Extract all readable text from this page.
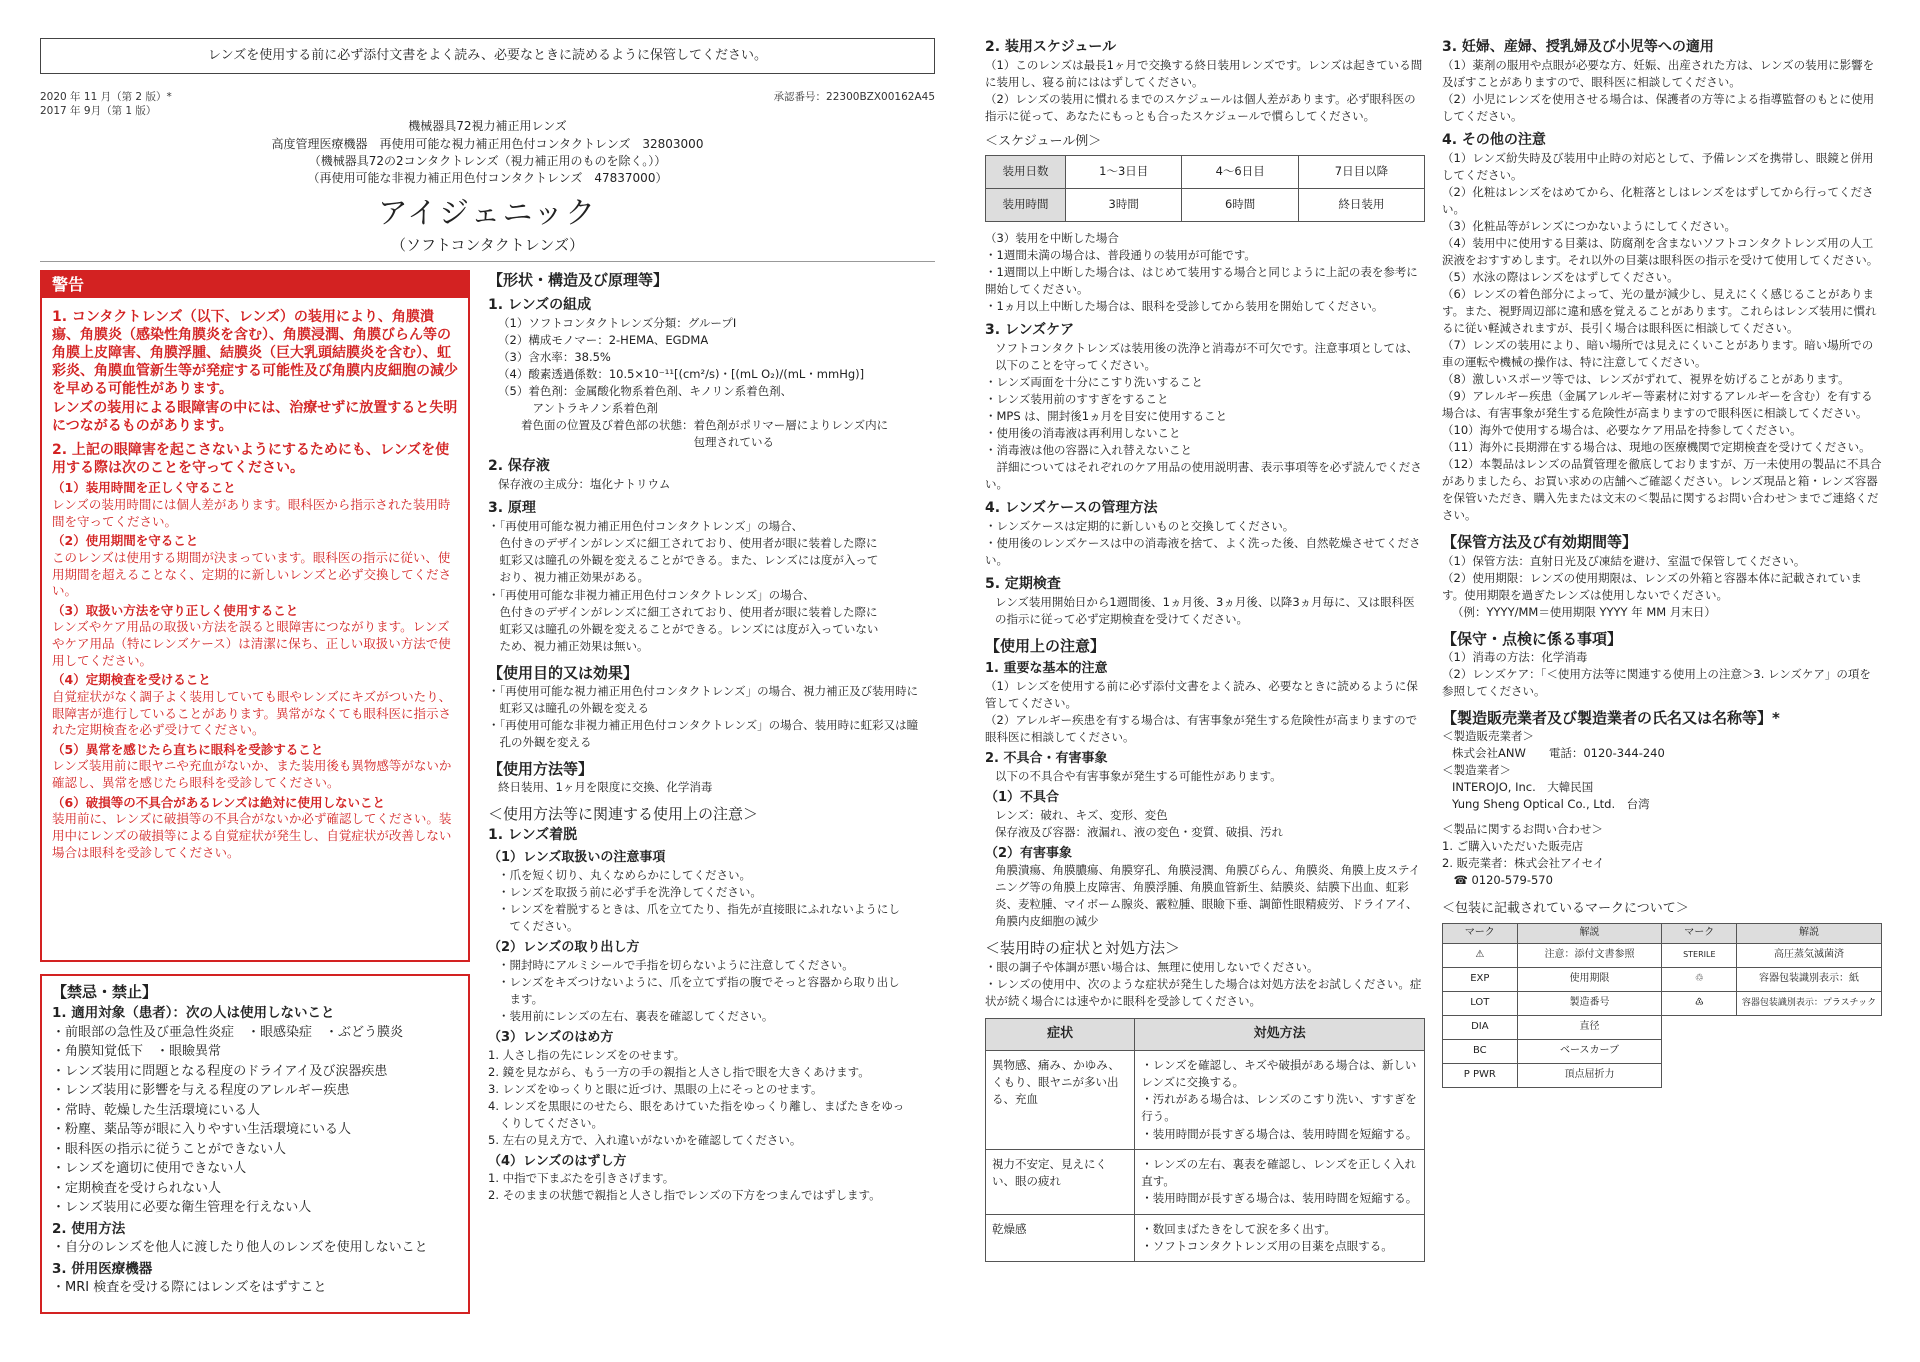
レンズを使用する前に必ず添付文書をよく読み、必要なときに読めるように保管してください。
2020 年 11 月（第 2 版）*
2017 年 9月（第 1 版）
承認番号：22300BZX00162A45
機械器具72視力補正用レンズ
高度管理医療機器　再使用可能な視力補正用色付コンタクトレンズ　32803000
（機械器具72の2コンタクトレンズ（視力補正用のものを除く。））
（再使用可能な非視力補正用色付コンタクトレンズ　47837000）
アイジェニック
（ソフトコンタクトレンズ）
警告
1. コンタクトレンズ（以下、レンズ）の装用により、角膜潰瘍、角膜炎（感染性角膜炎を含む）、角膜浸潤、角膜びらん等の角膜上皮障害、角膜浮腫、結膜炎（巨大乳頭結膜炎を含む）、虹彩炎、角膜血管新生等が発症する可能性及び角膜内皮細胞の減少を早める可能性があります。
レンズの装用による眼障害の中には、治療せずに放置すると失明につながるものがあります。
2. 上記の眼障害を起こさないようにするためにも、レンズを使用する際は次のことを守ってください。
（1）装用時間を正しく守ること
レンズの装用時間には個人差があります。眼科医から指示された装用時間を守ってください。
（2）使用期間を守ること
このレンズは使用する期間が決まっています。眼科医の指示に従い、使用期間を超えることなく、定期的に新しいレンズと必ず交換してください。
（3）取扱い方法を守り正しく使用すること
レンズやケア用品の取扱い方法を誤ると眼障害につながります。レンズやケア用品（特にレンズケース）は清潔に保ち、正しい取扱い方法で使用してください。
（4）定期検査を受けること
自覚症状がなく調子よく装用していても眼やレンズにキズがついたり、眼障害が進行していることがあります。異常がなくても眼科医に指示された定期検査を必ず受けてください。
（5）異常を感じたら直ちに眼科を受診すること
レンズ装用前に眼ヤニや充血がないか、また装用後も異物感等がないか確認し、異常を感じたら眼科を受診してください。
（6）破損等の不具合があるレンズは絶対に使用しないこと
装用前に、レンズに破損等の不具合がないか必ず確認してください。装用中にレンズの破損等による自覚症状が発生し、自覚症状が改善しない場合は眼科を受診してください。
【禁忌・禁止】
1. 適用対象（患者）：次の人は使用しないこと
・前眼部の急性及び亜急性炎症　・眼感染症　・ぶどう膜炎
・角膜知覚低下　・眼瞼異常
・レンズ装用に問題となる程度のドライアイ及び涙器疾患
・レンズ装用に影響を与える程度のアレルギー疾患
・常時、乾燥した生活環境にいる人
・粉塵、薬品等が眼に入りやすい生活環境にいる人
・眼科医の指示に従うことができない人
・レンズを適切に使用できない人
・定期検査を受けられない人
・レンズ装用に必要な衛生管理を行えない人
2. 使用方法
・自分のレンズを他人に渡したり他人のレンズを使用しないこと
3. 併用医療機器
・MRI 検査を受ける際にはレンズをはずすこと
【形状・構造及び原理等】
1. レンズの組成
（1）ソフトコンタクトレンズ分類：グループⅠ
（2）構成モノマー：2-HEMA、EGDMA
（3）含水率：38.5%
（4）酸素透過係数：10.5×10⁻¹¹[(cm²/s)・[(mL O₂)/(mL・mmHg)]
（5）着色剤：金属酸化物系着色剤、キノリン系着色剤、
　　　アントラキノン系着色剤
　　着色面の位置及び着色部の状態：着色剤がポリマー層によりレンズ内に
　　　　　　　　　　　　　　　　　包理されている
2. 保存液
保存液の主成分：塩化ナトリウム
3. 原理
・「再使用可能な視力補正用色付コンタクトレンズ」の場合、
　色付きのデザインがレンズに細工されており、使用者が眼に装着した際に
　虹彩又は瞳孔の外観を変えることができる。また、レンズには度が入って
　おり、視力補正効果がある。
・「再使用可能な非視力補正用色付コンタクトレンズ」の場合、
　色付きのデザインがレンズに細工されており、使用者が眼に装着した際に
　虹彩又は瞳孔の外観を変えることができる。レンズには度が入っていない
　ため、視力補正効果は無い。
【使用目的又は効果】
・「再使用可能な視力補正用色付コンタクトレンズ」の場合、視力補正及び装用時に
　虹彩又は瞳孔の外観を変える
・「再使用可能な非視力補正用色付コンタクトレンズ」の場合、装用時に虹彩又は瞳
　孔の外観を変える
【使用方法等】
終日装用、1ヶ月を限度に交換、化学消毒
＜使用方法等に関連する使用上の注意＞
1. レンズ着脱
（1）レンズ取扱いの注意事項
・爪を短く切り、丸くなめらかにしてください。
・レンズを取扱う前に必ず手を洗浄してください。
・レンズを着脱するときは、爪を立てたり、指先が直接眼にふれないようにし
　てください。
（2）レンズの取り出し方
・開封時にアルミシールで手指を切らないように注意してください。
・レンズをキズつけないように、爪を立てず指の腹でそっと容器から取り出し
　ます。
・装用前にレンズの左右、裏表を確認してください。
（3）レンズのはめ方
1. 人さし指の先にレンズをのせます。
2. 鏡を見ながら、もう一方の手の親指と人さし指で眼を大きくあけます。
3. レンズをゆっくりと眼に近づけ、黒眼の上にそっとのせます。
4. レンズを黒眼にのせたら、眼をあけていた指をゆっくり離し、まばたきをゆっ
　くりしてください。
5. 左右の見え方で、入れ違いがないかを確認してください。
（4）レンズのはずし方
1. 中指で下まぶたを引きさげます。
2. そのままの状態で親指と人さし指でレンズの下方をつまんではずします。
2. 装用スケジュール
（1）このレンズは最長1ヶ月で交換する終日装用レンズです。レンズは起きている間に装用し、寝る前にははずしてください。
（2）レンズの装用に慣れるまでのスケジュールは個人差があります。必ず眼科医の指示に従って、あなたにもっとも合ったスケジュールで慣らしてください。
＜スケジュール例＞
装用日数	1〜3日目	4〜6日目	7日目以降
装用時間	3時間	6時間	終日装用
（3）装用を中断した場合
・1週間未満の場合は、普段通りの装用が可能です。
・1週間以上中断した場合は、はじめて装用する場合と同じように上記の表を参考に開始してください。
・1ヵ月以上中断した場合は、眼科を受診してから装用を開始してください。
3. レンズケア
ソフトコンタクトレンズは装用後の洗浄と消毒が不可欠です。注意事項としては、以下のことを守ってください。
・レンズ両面を十分にこすり洗いすること
・レンズ装用前のすすぎをすること
・MPS は、開封後1ヵ月を目安に使用すること
・使用後の消毒液は再利用しないこと
・消毒液は他の容器に入れ替えないこと
　詳細についてはそれぞれのケア用品の使用説明書、表示事項等を必ず読んでください。
4. レンズケースの管理方法
・レンズケースは定期的に新しいものと交換してください。
・使用後のレンズケースは中の消毒液を捨て、よく洗った後、自然乾燥させてください。
5. 定期検査
レンズ装用開始日から1週間後、1ヵ月後、3ヵ月後、以降3ヵ月毎に、又は眼科医の指示に従って必ず定期検査を受けてください。
【使用上の注意】
1. 重要な基本的注意
（1）レンズを使用する前に必ず添付文書をよく読み、必要なときに読めるように保管してください。
（2）アレルギー疾患を有する場合は、有害事象が発生する危険性が高まりますので眼科医に相談してください。
2. 不具合・有害事象
以下の不具合や有害事象が発生する可能性があります。
（1）不具合
レンズ：破れ、キズ、変形、変色
保存液及び容器：液漏れ、液の変色・変質、破損、汚れ
（2）有害事象
角膜潰瘍、角膜膿瘍、角膜穿孔、角膜浸潤、角膜びらん、角膜炎、角膜上皮ステイニング等の角膜上皮障害、角膜浮腫、角膜血管新生、結膜炎、結膜下出血、虹彩炎、麦粒腫、マイボーム腺炎、霰粒腫、眼瞼下垂、調節性眼精疲労、ドライアイ、角膜内皮細胞の減少
＜装用時の症状と対処方法＞
・眼の調子や体調が悪い場合は、無理に使用しないでください。
・レンズの使用中、次のような症状が発生した場合は対処方法をお試しください。症状が続く場合には速やかに眼科を受診してください。
症状	対処方法
異物感、痛み、かゆみ、くもり、眼ヤニが多い出る、充血	・レンズを確認し、キズや破損がある場合は、新しいレンズに交換する。
・汚れがある場合は、レンズのこすり洗い、すすぎを行う。
・装用時間が長すぎる場合は、装用時間を短縮する。
視力不安定、見えにくい、眼の疲れ	・レンズの左右、裏表を確認し、レンズを正しく入れ直す。
・装用時間が長すぎる場合は、装用時間を短縮する。
乾燥感	・数回まばたきをして涙を多く出す。
・ソフトコンタクトレンズ用の目薬を点眼する。
3. 妊婦、産婦、授乳婦及び小児等への適用
（1）薬剤の服用や点眼が必要な方、妊娠、出産された方は、レンズの装用に影響を及ぼすことがありますので、眼科医に相談してください。
（2）小児にレンズを使用させる場合は、保護者の方等による指導監督のもとに使用してください。
4. その他の注意
（1）レンズ紛失時及び装用中止時の対応として、予備レンズを携帯し、眼鏡と併用してください。
（2）化粧はレンズをはめてから、化粧落としはレンズをはずしてから行ってください。
（3）化粧品等がレンズにつかないようにしてください。
（4）装用中に使用する目薬は、防腐剤を含まないソフトコンタクトレンズ用の人工涙液をおすすめします。それ以外の目薬は眼科医の指示を受けて使用してください。
（5）水泳の際はレンズをはずしてください。
（6）レンズの着色部分によって、光の量が減少し、見えにくく感じることがあります。また、視野周辺部に違和感を覚えることがあります。これらはレンズ装用に慣れるに従い軽減されますが、長引く場合は眼科医に相談してください。
（7）レンズの装用により、暗い場所では見えにくいことがあります。暗い場所での車の運転や機械の操作は、特に注意してください。
（8）激しいスポーツ等では、レンズがずれて、視界を妨げることがあります。
（9）アレルギー疾患（金属アレルギー等素材に対するアレルギーを含む）を有する場合は、有害事象が発生する危険性が高まりますので眼科医に相談してください。
（10）海外で使用する場合は、必要なケア用品を持参してください。
（11）海外に長期滞在する場合は、現地の医療機関で定期検査を受けてください。
（12）本製品はレンズの品質管理を徹底しておりますが、万一未使用の製品に不具合がありましたら、お買い求めの店舗へご確認ください。レンズ現品と箱・レンズ容器を保管いただき、購入先または文末の＜製品に関するお問い合わせ＞までご連絡ください。
【保管方法及び有効期間等】
（1）保管方法：直射日光及び凍結を避け、室温で保管してください。
（2）使用期限：レンズの使用期限は、レンズの外箱と容器本体に記載されています。使用期限を過ぎたレンズは使用しないでください。
（例：YYYY/MM＝使用期限 YYYY 年 MM 月末日）
【保守・点検に係る事項】
（1）消毒の方法：化学消毒
（2）レンズケア：「＜使用方法等に関連する使用上の注意＞3. レンズケア」の項を参照してください。
【製造販売業者及び製造業者の氏名又は名称等】*
＜製造販売業者＞
株式会社ANW　　電話：0120-344-240
＜製造業者＞
INTEROJO, Inc.　大韓民国
Yung Sheng Optical Co., Ltd.　台湾
＜製品に関するお問い合わせ＞
1. ご購入いただいた販売店
2. 販売業者：株式会社アイセイ
　☎ 0120-579-570
＜包装に記載されているマークについて＞
マーク	解説	マーク	解説
⚠	注意：添付文書参照	STERILE	高圧蒸気滅菌済
EXP	使用期限	♲	容器包装識別表示：紙
LOT	製造番号	♳	容器包装識別表示：プラスチック
DIA	直径		
BC	ベースカーブ		
P PWR	頂点屈折力		
